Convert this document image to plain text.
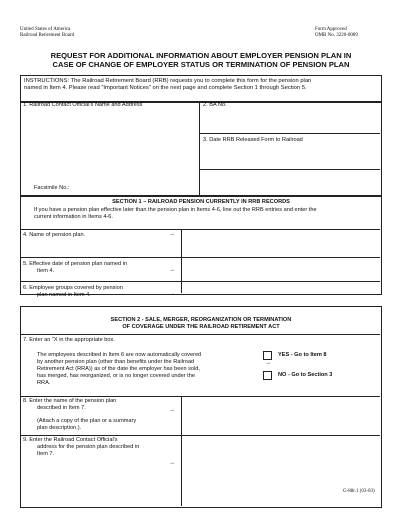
United States of America
Railroad Retirement Board
Form Approved
OMB No. 3220-0089
REQUEST FOR ADDITIONAL INFORMATION ABOUT EMPLOYER PENSION PLAN IN
CASE OF CHANGE OF EMPLOYER STATUS OR TERMINATION OF PENSION PLAN
INSTRUCTIONS: The Railroad Retirement Board (RRB) requests you to complete this form for the pension plan
named in Item 4. Please read "Important Notices" on the next page and complete Section 1 through Section 5.
1. Railroad Contact Official's Name and Address	2. BA No.
3. Date RRB Released Form to Railroad
Facsimile No.:
SECTION 1 – RAILROAD PENSION CURRENTLY IN RRB RECORDS
If you have a pension plan effective later than the pension plan in Items 4-6, line out the RRB entries and enter the
current information in Items 4-6.
4. Name of pension plan.	→
5. Effective date of pension plan named in
Item 4.	→
6. Employee groups covered by pension
plan named in Item 4.	→
SECTION 2 - SALE, MERGER, REORGANIZATION OR TERMINATION
OF COVERAGE UNDER THE RAILROAD RETIREMENT ACT
7. Enter an "X in the appropriate box.
The employees described in Item 6 are now automatically covered
by another pension plan (other than benefits under the Railroad
Retirement Act (RRA)) as of the date the employer has been sold,
has merged, has reorganized, or is no longer covered under the
RRA.
→
YES - Go to Item 8
NO - Go to Section 3
8. Enter the name of the pension plan
described in Item 7.
(Attach a copy of the plan or a summary
plan description.).
→
9. Enter the Railroad Contact Official's
address for the pension plan described in
Item 7.
→
G-88r.1 (03-03)
